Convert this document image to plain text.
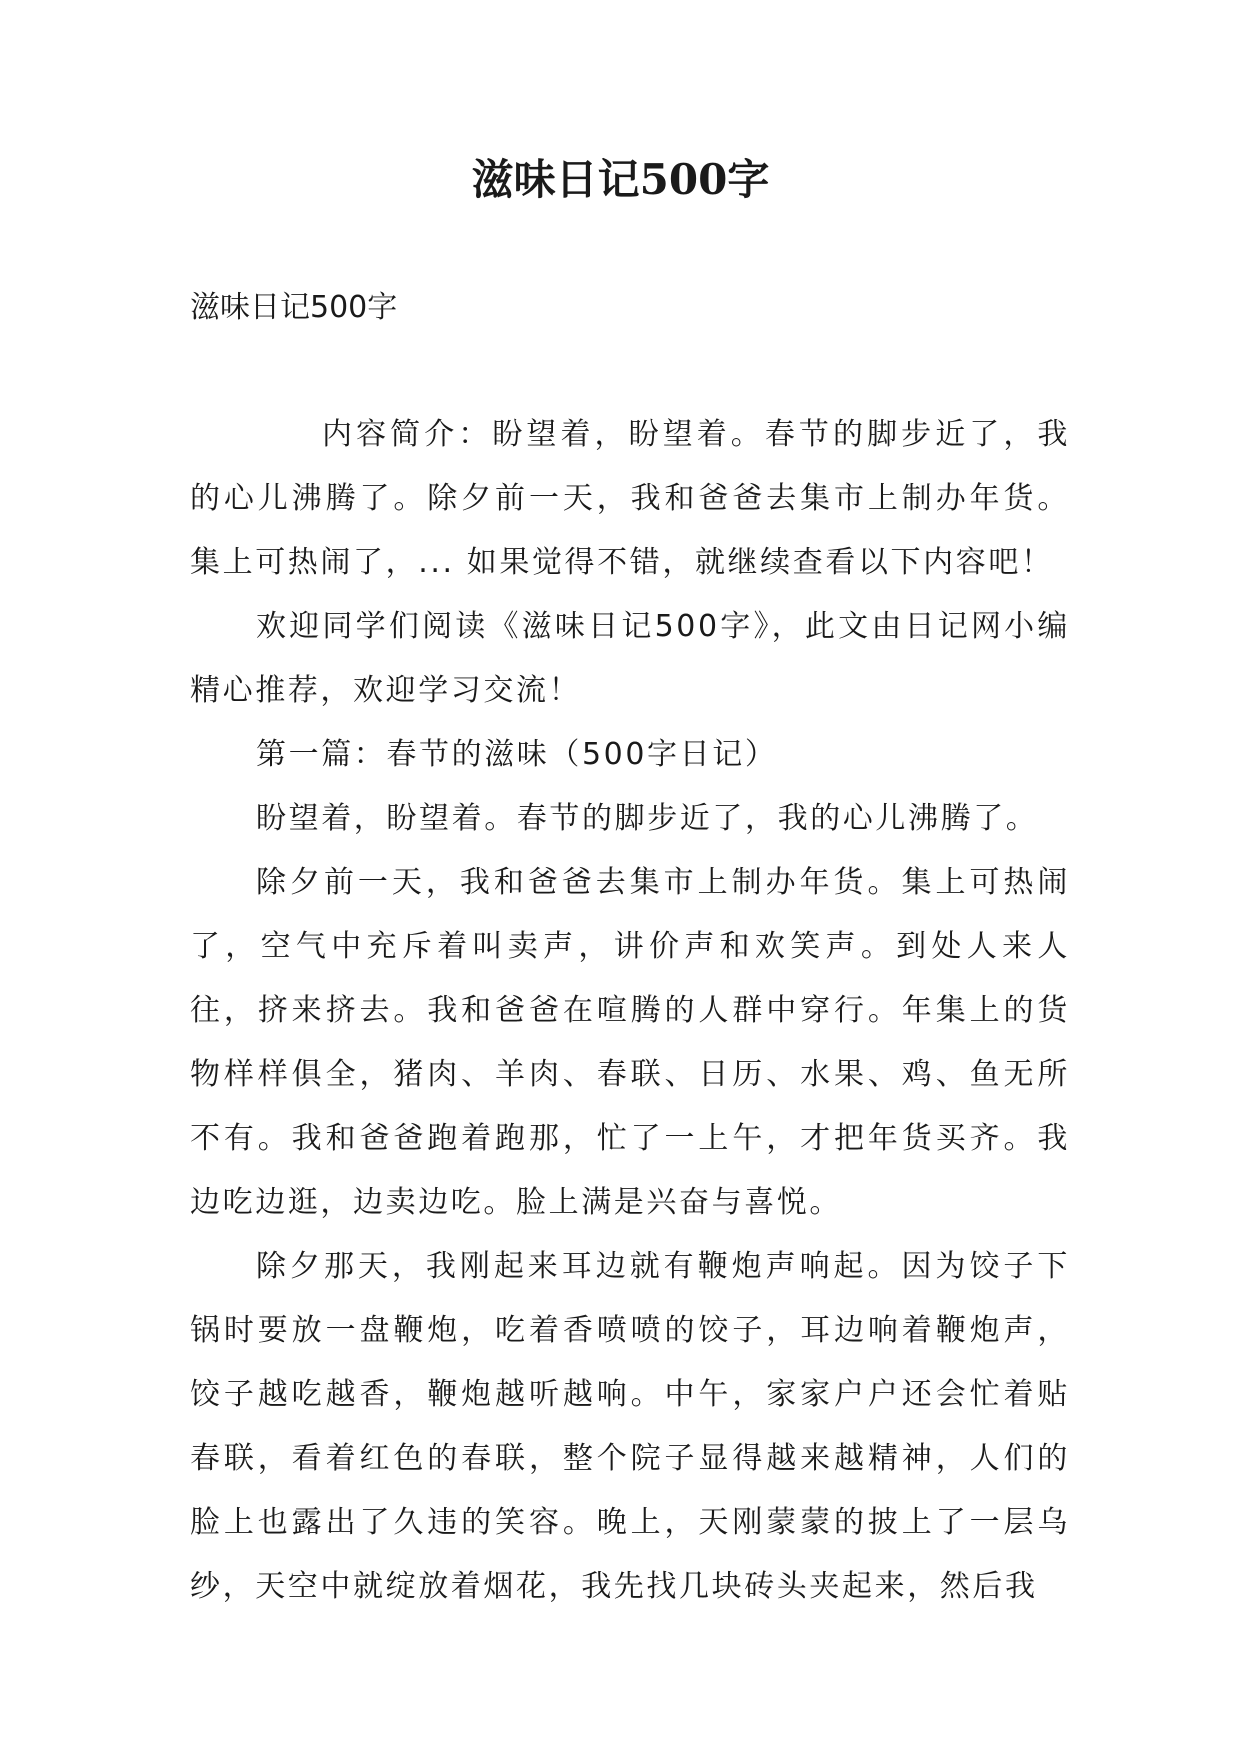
滋味日记500字

滋味日记500字

内容简介：盼望着，盼望着。春节的脚步近了，我的心儿沸腾了。除夕前一天，我和爸爸去集市上制办年货。集上可热闹了，... 如果觉得不错，就继续查看以下内容吧！

欢迎同学们阅读《滋味日记500字》，此文由日记网小编精心推荐，欢迎学习交流！

第一篇：春节的滋味（500字日记）

盼望着，盼望着。春节的脚步近了，我的心儿沸腾了。

除夕前一天，我和爸爸去集市上制办年货。集上可热闹了，空气中充斥着叫卖声，讲价声和欢笑声。到处人来人往，挤来挤去。我和爸爸在喧腾的人群中穿行。年集上的货物样样俱全，猪肉、羊肉、春联、日历、水果、鸡、鱼无所不有。我和爸爸跑着跑那，忙了一上午，才把年货买齐。我边吃边逛，边卖边吃。脸上满是兴奋与喜悦。

除夕那天，我刚起来耳边就有鞭炮声响起。因为饺子下锅时要放一盘鞭炮，吃着香喷喷的饺子，耳边响着鞭炮声，饺子越吃越香，鞭炮越听越响。中午，家家户户还会忙着贴春联，看着红色的春联，整个院子显得越来越精神，人们的脸上也露出了久违的笑容。晚上，天刚蒙蒙的披上了一层乌纱，天空中就绽放着烟花，我先找几块砖头夹起来，然后我
